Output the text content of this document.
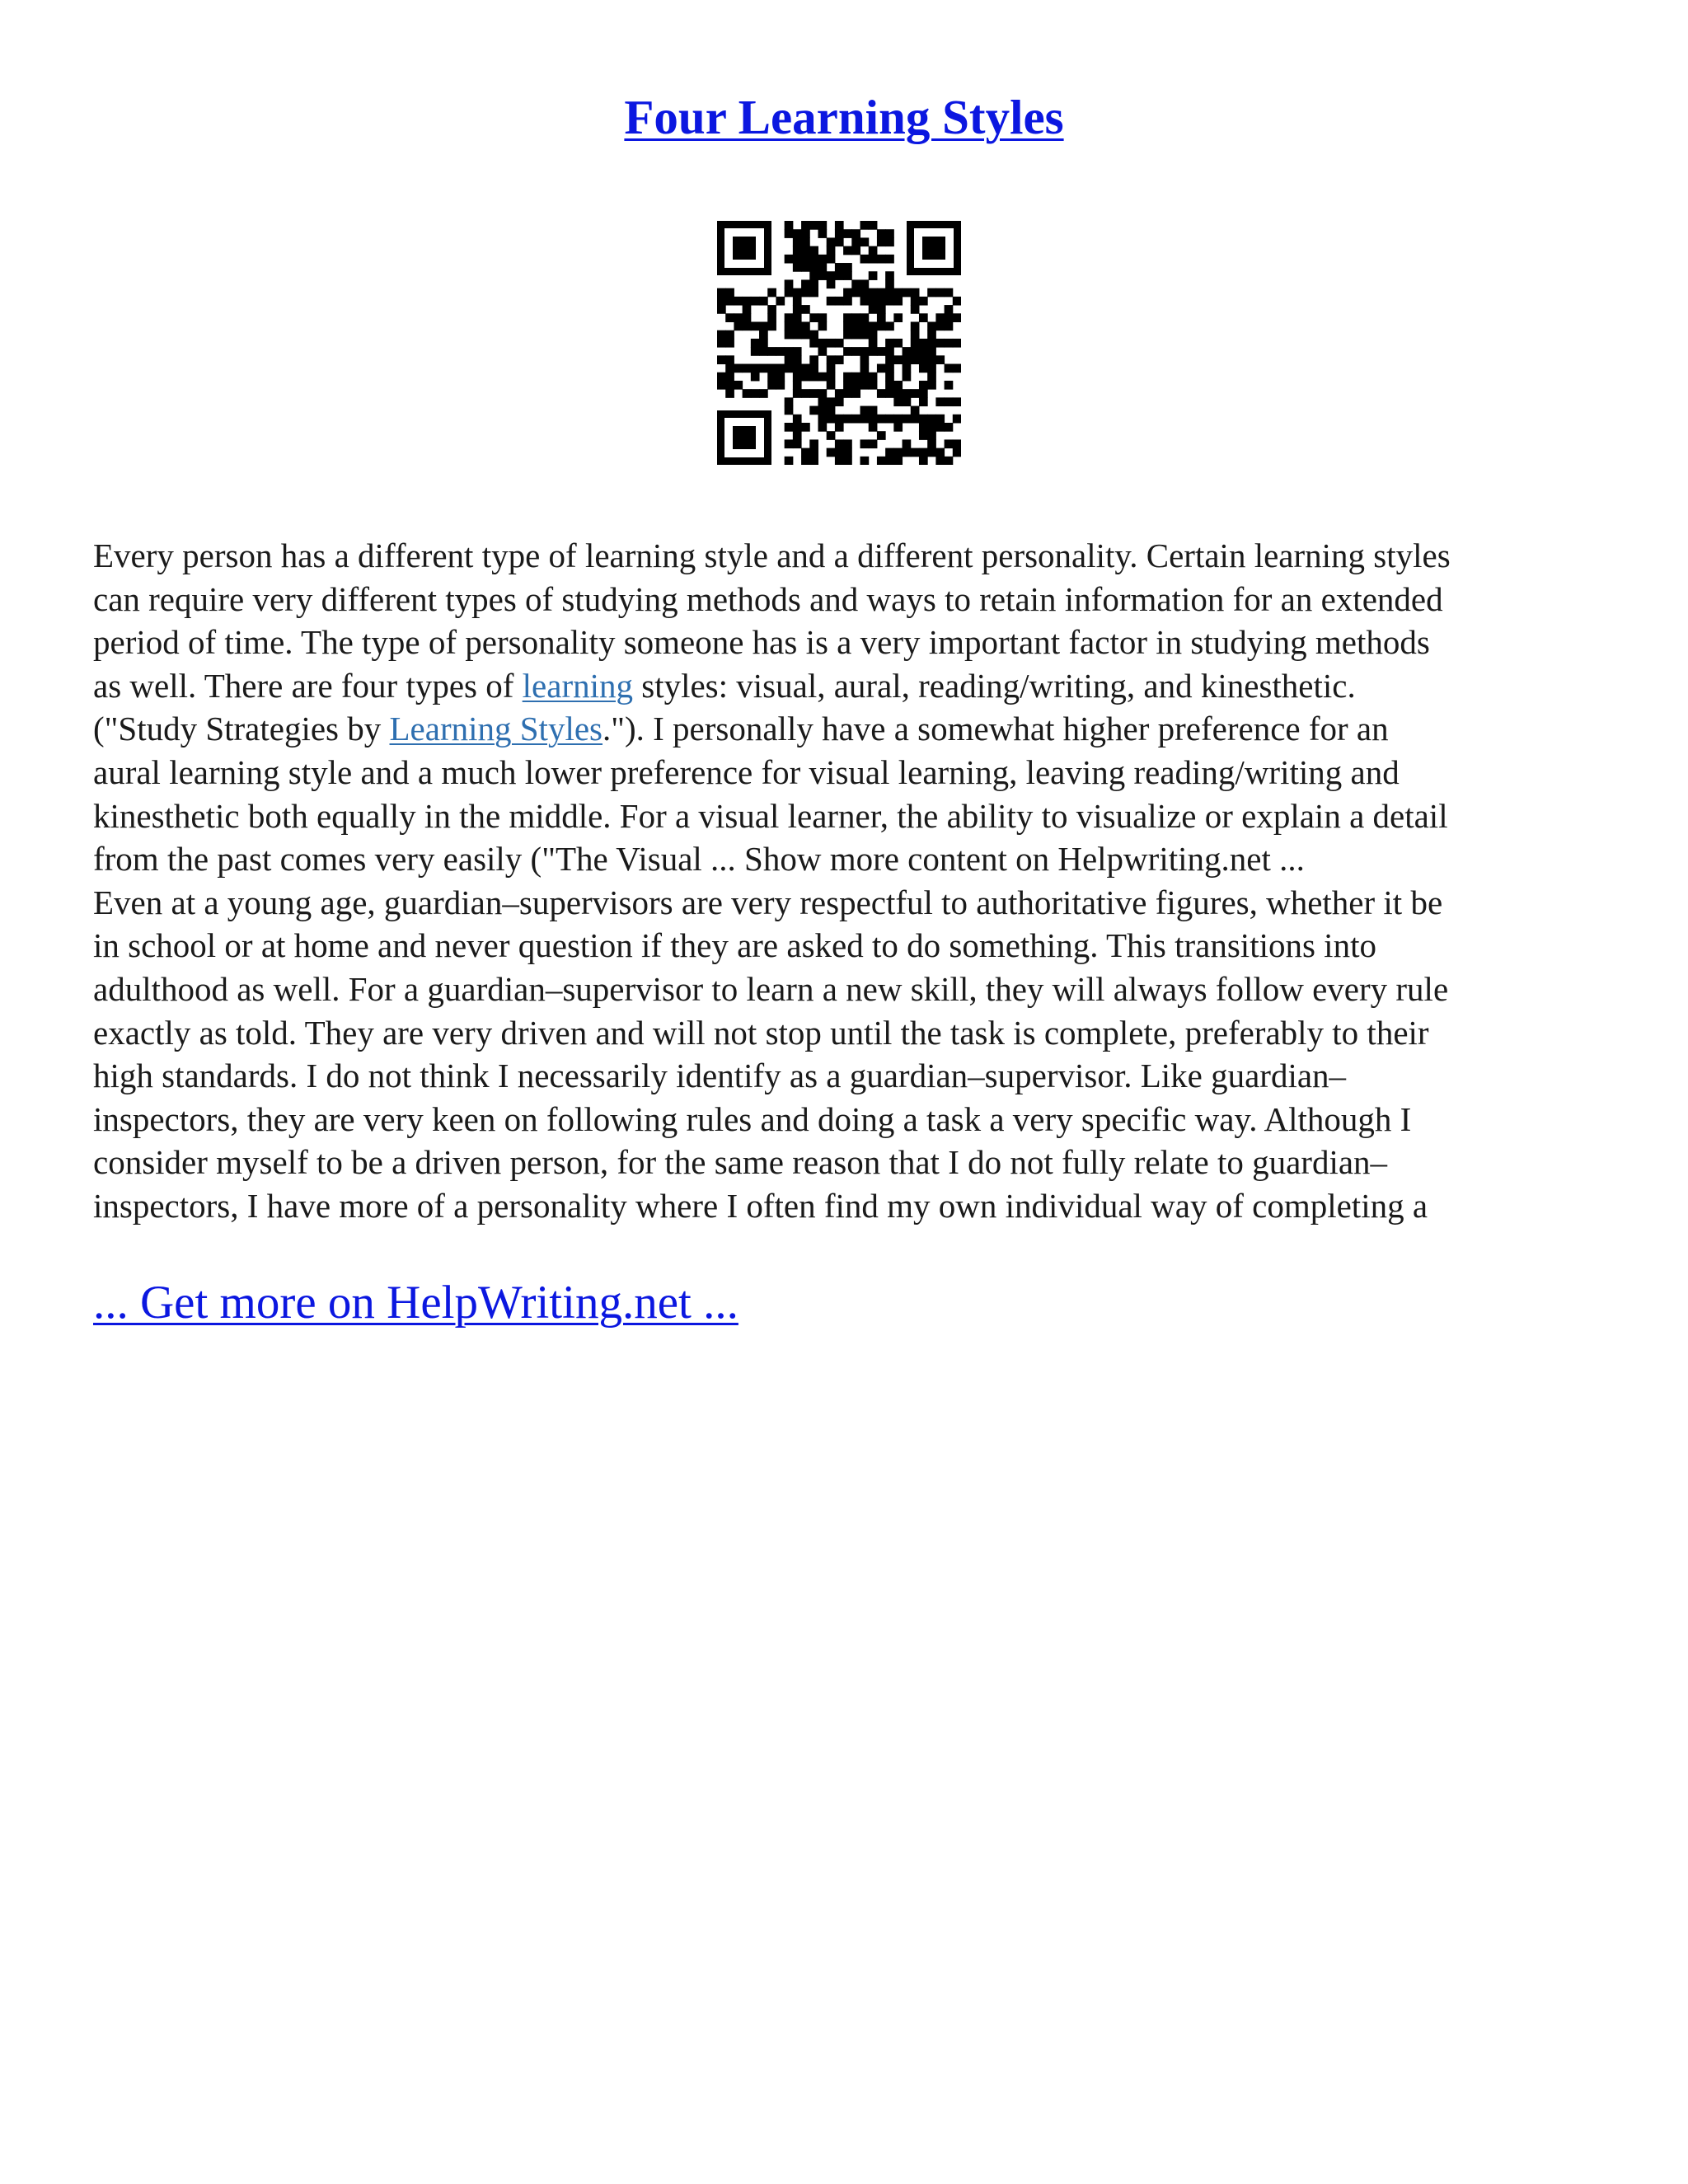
Four Learning Styles
Every person has a different type of learning style and a different personality. Certain learning styles
can require very different types of studying methods and ways to retain information for an extended
period of time. The type of personality someone has is a very important factor in studying methods
as well. There are four types of learning styles: visual, aural, reading/writing, and kinesthetic.
("Study Strategies by Learning Styles."). I personally have a somewhat higher preference for an
aural learning style and a much lower preference for visual learning, leaving reading/writing and
kinesthetic both equally in the middle. For a visual learner, the ability to visualize or explain a detail
from the past comes very easily ("The Visual ... Show more content on Helpwriting.net ...
Even at a young age, guardian–supervisors are very respectful to authoritative figures, whether it be
in school or at home and never question if they are asked to do something. This transitions into
adulthood as well. For a guardian–supervisor to learn a new skill, they will always follow every rule
exactly as told. They are very driven and will not stop until the task is complete, preferably to their
high standards. I do not think I necessarily identify as a guardian–supervisor. Like guardian–
inspectors, they are very keen on following rules and doing a task a very specific way. Although I
consider myself to be a driven person, for the same reason that I do not fully relate to guardian–
inspectors, I have more of a personality where I often find my own individual way of completing a
... Get more on HelpWriting.net ...
